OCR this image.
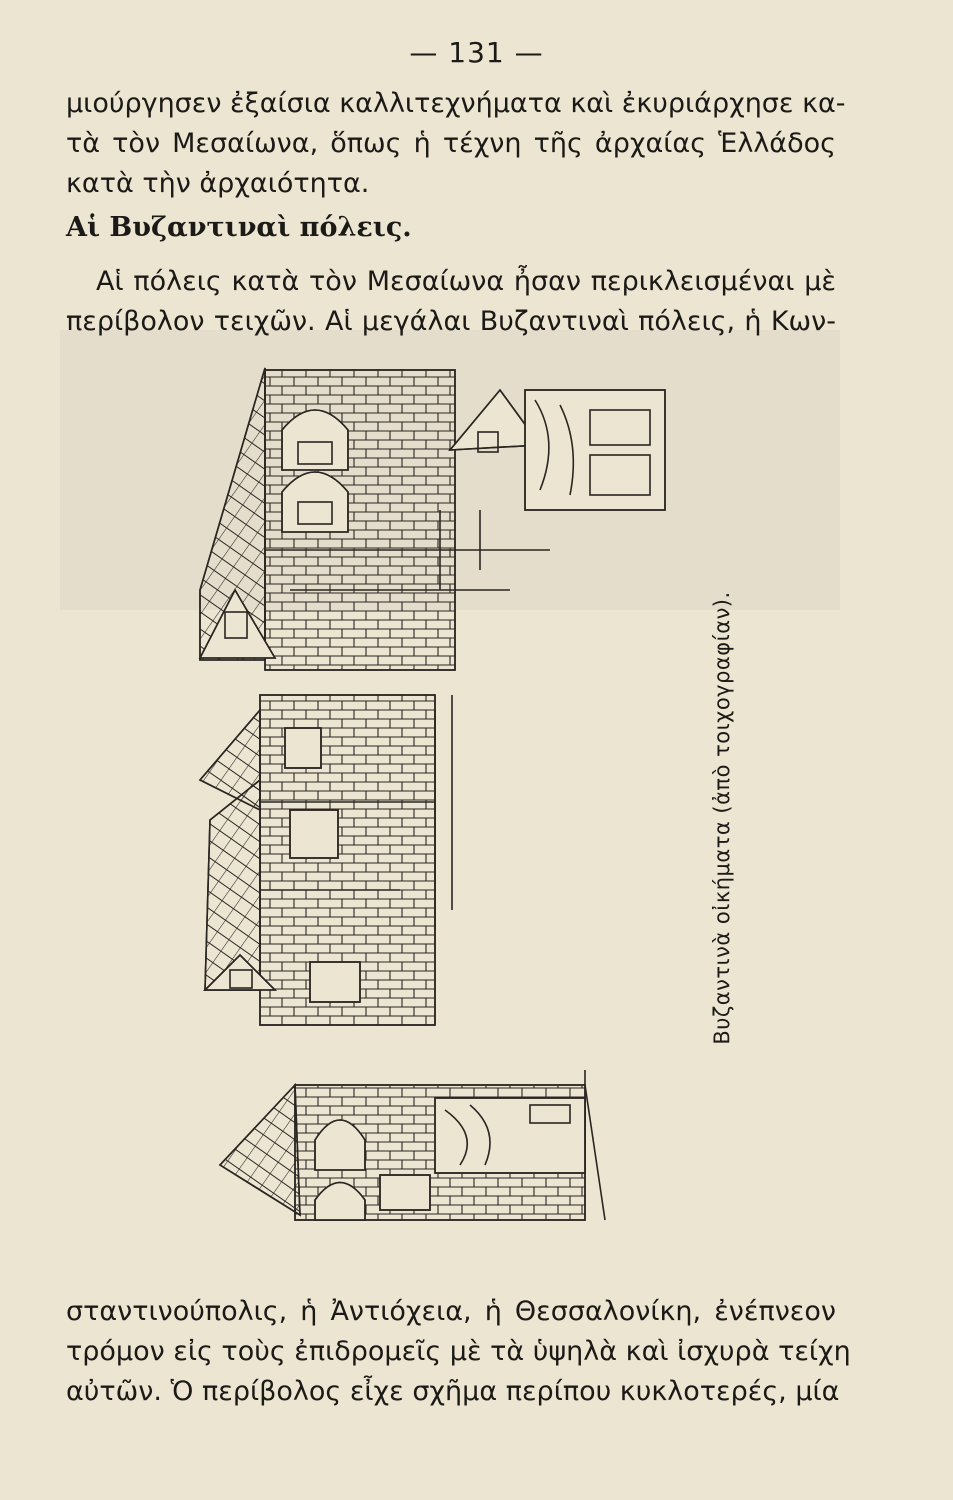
— 131 —
μιούργησεν ἐξαίσια καλλιτεχνήματα καὶ ἐκυριάρχησε κα-
τὰ τὸν Μεσαίωνα, ὅπως ἡ τέχνη τῆς ἀρχαίας Ἑλλάδος
κατὰ τὴν ἀρχαιότητα.
Αἱ Βυζαντιναὶ πόλεις.
Αἱ πόλεις κατὰ τὸν Μεσαίωνα ἦσαν περικλεισμέναι μὲ
περίβολον τειχῶν. Αἱ μεγάλαι Βυζαντιναὶ πόλεις, ἡ Κων-
Βυζαντινὰ οἰκήματα (ἀπὸ τοιχογραφίαν).
σταντινούπολις, ἡ Ἀντιόχεια, ἡ Θεσσαλονίκη, ἐνέπνεον
τρόμον εἰς τοὺς ἐπιδρομεῖς μὲ τὰ ὑψηλὰ καὶ ἰσχυρὰ τείχη
αὐτῶν. Ὁ περίβολος εἶχε σχῆμα περίπου κυκλοτερές, μία
